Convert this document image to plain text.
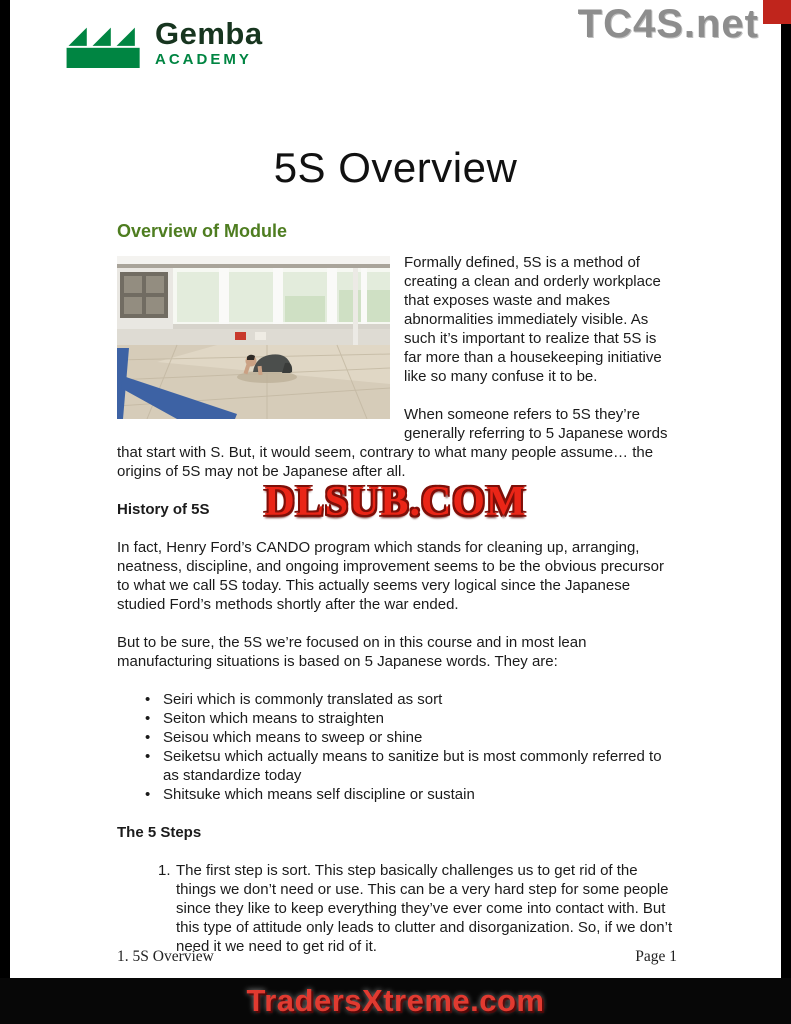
Gemba
ACADEMY
TC4S.net
5S Overview
Overview of Module

Formally defined, 5S is a method of creating a clean and orderly workplace that exposes waste and makes abnormalities immediately visible. As such it’s important to realize that 5S is far more than a housekeeping initiative like so many confuse it to be.

When someone refers to 5S they’re generally referring to 5 Japanese words that start with S. But, it would seem, contrary to what many people assume… the origins of 5S may not be Japanese after all.

History of 5S

In fact, Henry Ford’s CANDO program which stands for cleaning up, arranging, neatness, discipline, and ongoing improvement seems to be the obvious precursor to what we call 5S today. This actually seems very logical since the Japanese studied Ford’s methods shortly after the war ended.

But to be sure, the 5S we’re focused on in this course and in most lean manufacturing situations is based on 5 Japanese words. They are:

• Seiri which is commonly translated as sort
• Seiton which means to straighten
• Seisou which means to sweep or shine
• Seiketsu which actually means to sanitize but is most commonly referred to as standardize today
• Shitsuke which means self discipline or sustain
The 5 Steps
1. The first step is sort. This step basically challenges us to get rid of the things we don’t need or use. This can be a very hard step for some people since they like to keep everything they’ve ever come into contact with. But this type of attitude only leads to clutter and disorganization. So, if we don’t need it we need to get rid of it.
DLSUB.COM
1. 5S Overview	Page 1
TradersXtreme.com
